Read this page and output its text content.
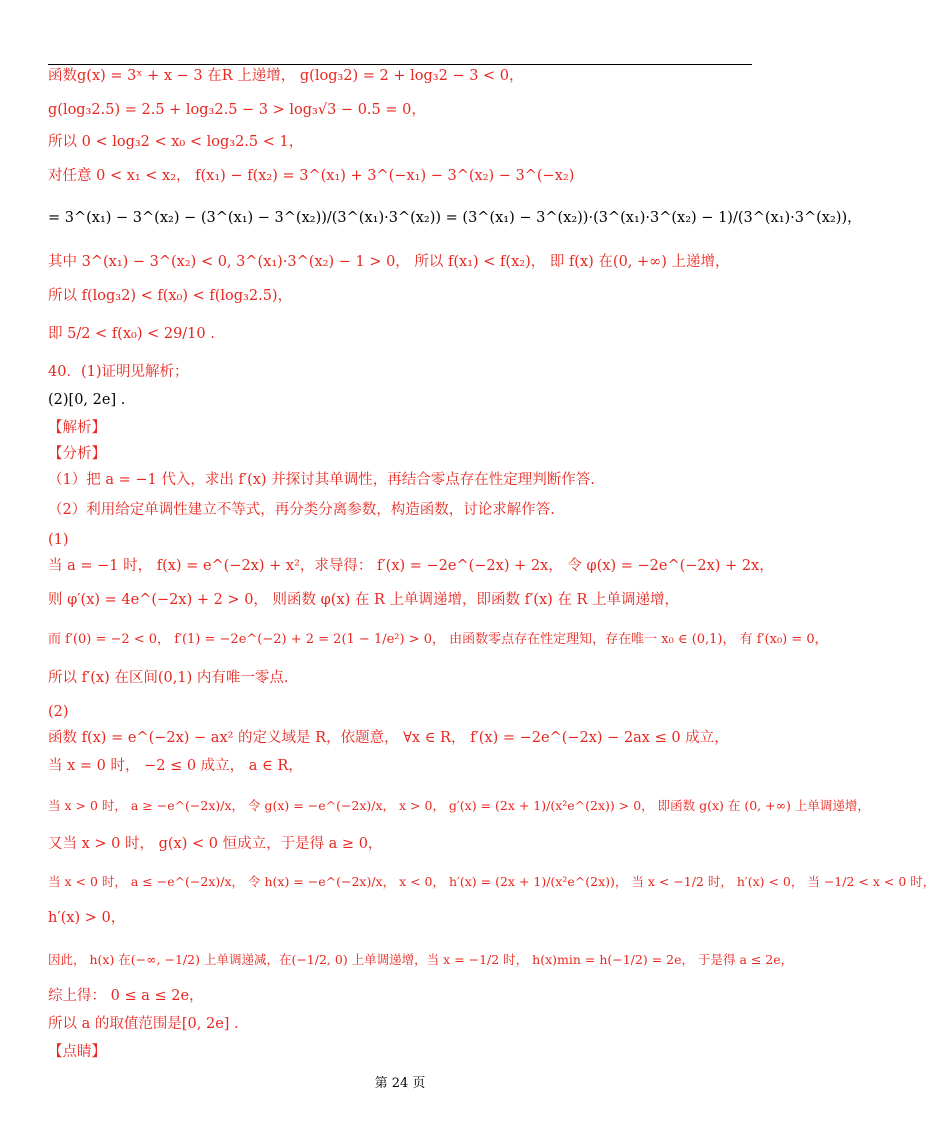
函数g(x) = 3ˣ + x − 3 在R 上递增， g(log₃2) = 2 + log₃2 − 3 < 0，
g(log₃2.5) = 2.5 + log₃2.5 − 3 > log₃√3 − 0.5 = 0，
所以 0 < log₃2 < x₀ < log₃2.5 < 1，
对任意 0 < x₁ < x₂， f(x₁) − f(x₂) = 3^(x₁) + 3^(−x₁) − 3^(x₂) − 3^(−x₂)
= 3^(x₁) − 3^(x₂) − (3^(x₁) − 3^(x₂))/(3^(x₁)·3^(x₂)) = (3^(x₁) − 3^(x₂))·(3^(x₁)·3^(x₂) − 1)/(3^(x₁)·3^(x₂))，
其中 3^(x₁) − 3^(x₂) < 0, 3^(x₁)·3^(x₂) − 1 > 0， 所以 f(x₁) < f(x₂)， 即 f(x) 在(0, +∞) 上递增，
所以 f(log₃2) < f(x₀) < f(log₃2.5)，
即 5/2 < f(x₀) < 29/10 .
40．(1)证明见解析；
(2)[0, 2e] .
【解析】
【分析】
（1）把 a = −1 代入，求出 f′(x) 并探讨其单调性，再结合零点存在性定理判断作答.
（2）利用给定单调性建立不等式，再分类分离参数，构造函数，讨论求解作答.
(1)
当 a = −1 时， f(x) = e^(−2x) + x²，求导得： f′(x) = −2e^(−2x) + 2x， 令 φ(x) = −2e^(−2x) + 2x，
则 φ′(x) = 4e^(−2x) + 2 > 0， 则函数 φ(x) 在 R 上单调递增，即函数 f′(x) 在 R 上单调递增，
而 f′(0) = −2 < 0， f′(1) = −2e^(−2) + 2 = 2(1 − 1/e²) > 0， 由函数零点存在性定理知，存在唯一 x₀ ∈ (0,1)， 有 f′(x₀) = 0，
所以 f′(x) 在区间(0,1) 内有唯一零点.
(2)
函数 f(x) = e^(−2x) − ax² 的定义域是 R，依题意， ∀x ∈ R， f′(x) = −2e^(−2x) − 2ax ≤ 0 成立，
当 x = 0 时， −2 ≤ 0 成立， a ∈ R，
当 x > 0 时， a ≥ −e^(−2x)/x， 令 g(x) = −e^(−2x)/x， x > 0， g′(x) = (2x + 1)/(x²e^(2x)) > 0， 即函数 g(x) 在 (0, +∞) 上单调递增，
又当 x > 0 时， g(x) < 0 恒成立，于是得 a ≥ 0，
当 x < 0 时， a ≤ −e^(−2x)/x， 令 h(x) = −e^(−2x)/x， x < 0， h′(x) = (2x + 1)/(x²e^(2x))， 当 x < −1/2 时， h′(x) < 0， 当 −1/2 < x < 0 时，
h′(x) > 0，
因此， h(x) 在(−∞, −1/2) 上单调递减，在(−1/2, 0) 上单调递增，当 x = −1/2 时， h(x)min = h(−1/2) = 2e， 于是得 a ≤ 2e，
综上得： 0 ≤ a ≤ 2e，
所以 a 的取值范围是[0, 2e] .
【点睛】
第 24 页
